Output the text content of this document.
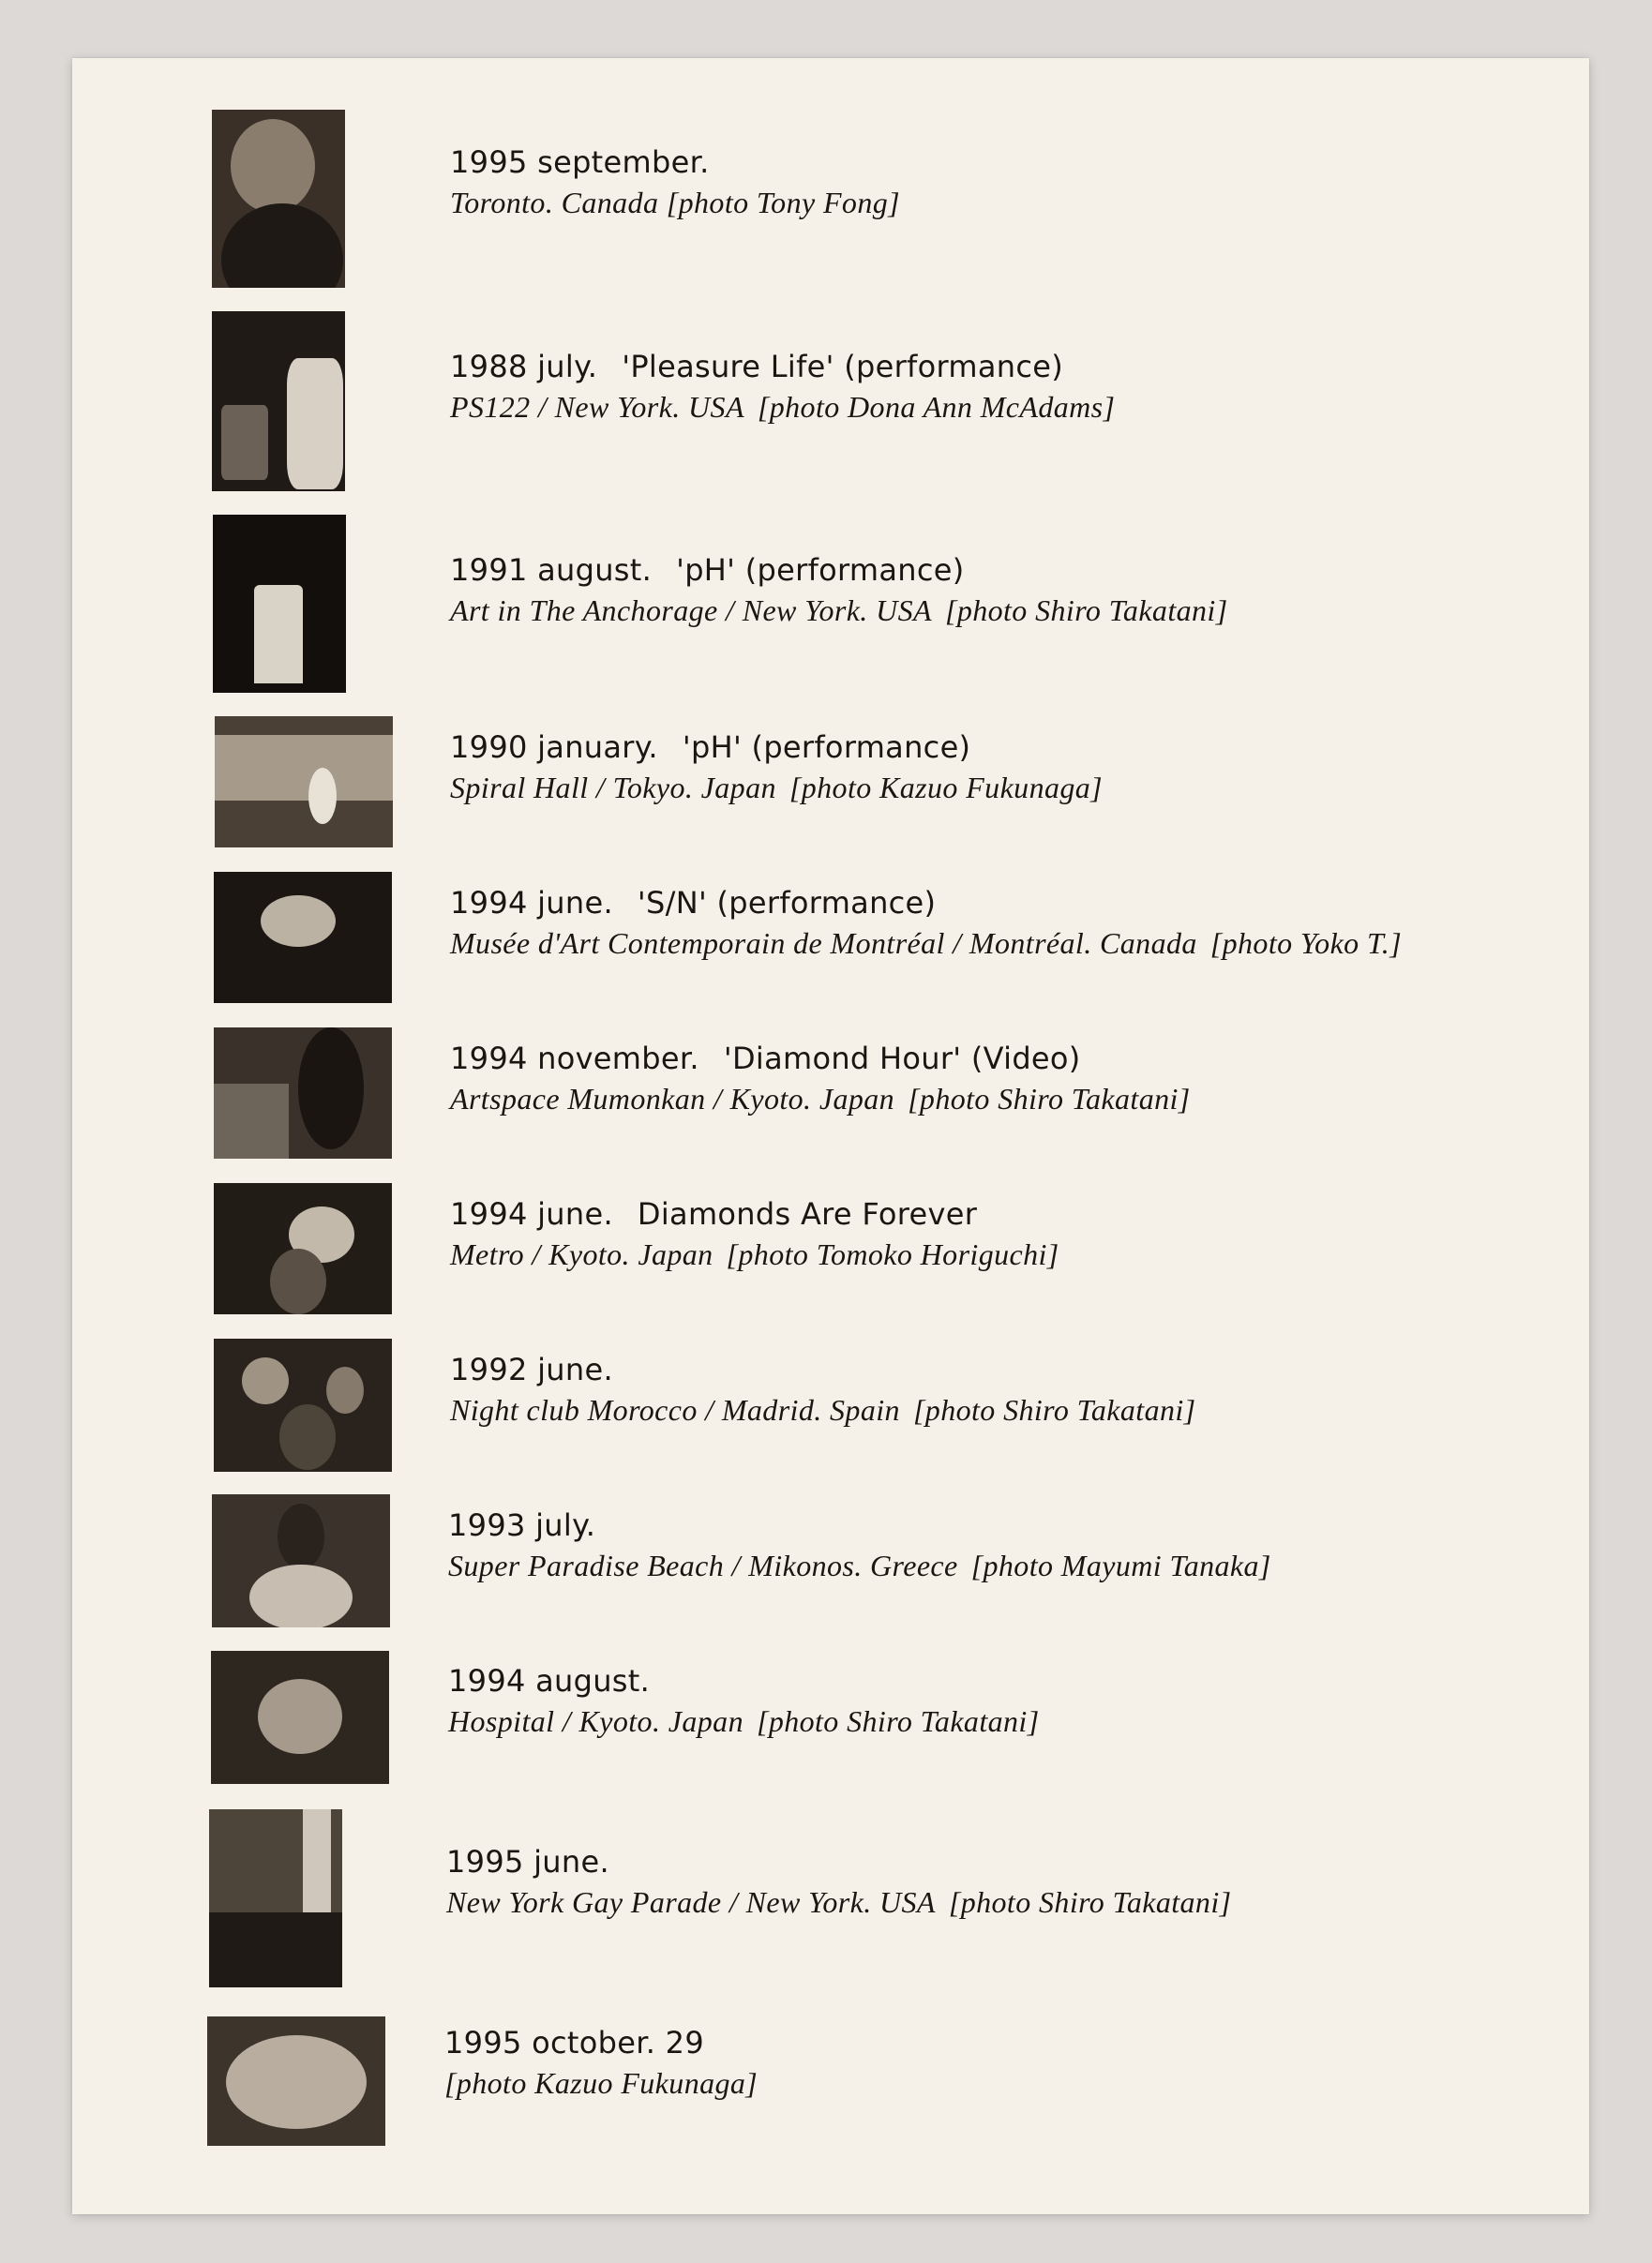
1995 september.
Toronto. Canada [photo Tony Fong]
1988 july. 'Pleasure Life' (performance)
PS122 / New York. USA [photo Dona Ann McAdams]
1991 august. 'pH' (performance)
Art in The Anchorage / New York. USA [photo Shiro Takatani]
1990 january. 'pH' (performance)
Spiral Hall / Tokyo. Japan [photo Kazuo Fukunaga]
1994 june. 'S/N' (performance)
Musée d'Art Contemporain de Montréal / Montréal. Canada [photo Yoko T.]
1994 november. 'Diamond Hour' (Video)
Artspace Mumonkan / Kyoto. Japan [photo Shiro Takatani]
1994 june. Diamonds Are Forever
Metro / Kyoto. Japan [photo Tomoko Horiguchi]
1992 june.
Night club Morocco / Madrid. Spain [photo Shiro Takatani]
1993 july.
Super Paradise Beach / Mikonos. Greece [photo Mayumi Tanaka]
1994 august.
Hospital / Kyoto. Japan [photo Shiro Takatani]
1995 june.
New York Gay Parade / New York. USA [photo Shiro Takatani]
1995 october. 29
[photo Kazuo Fukunaga]
